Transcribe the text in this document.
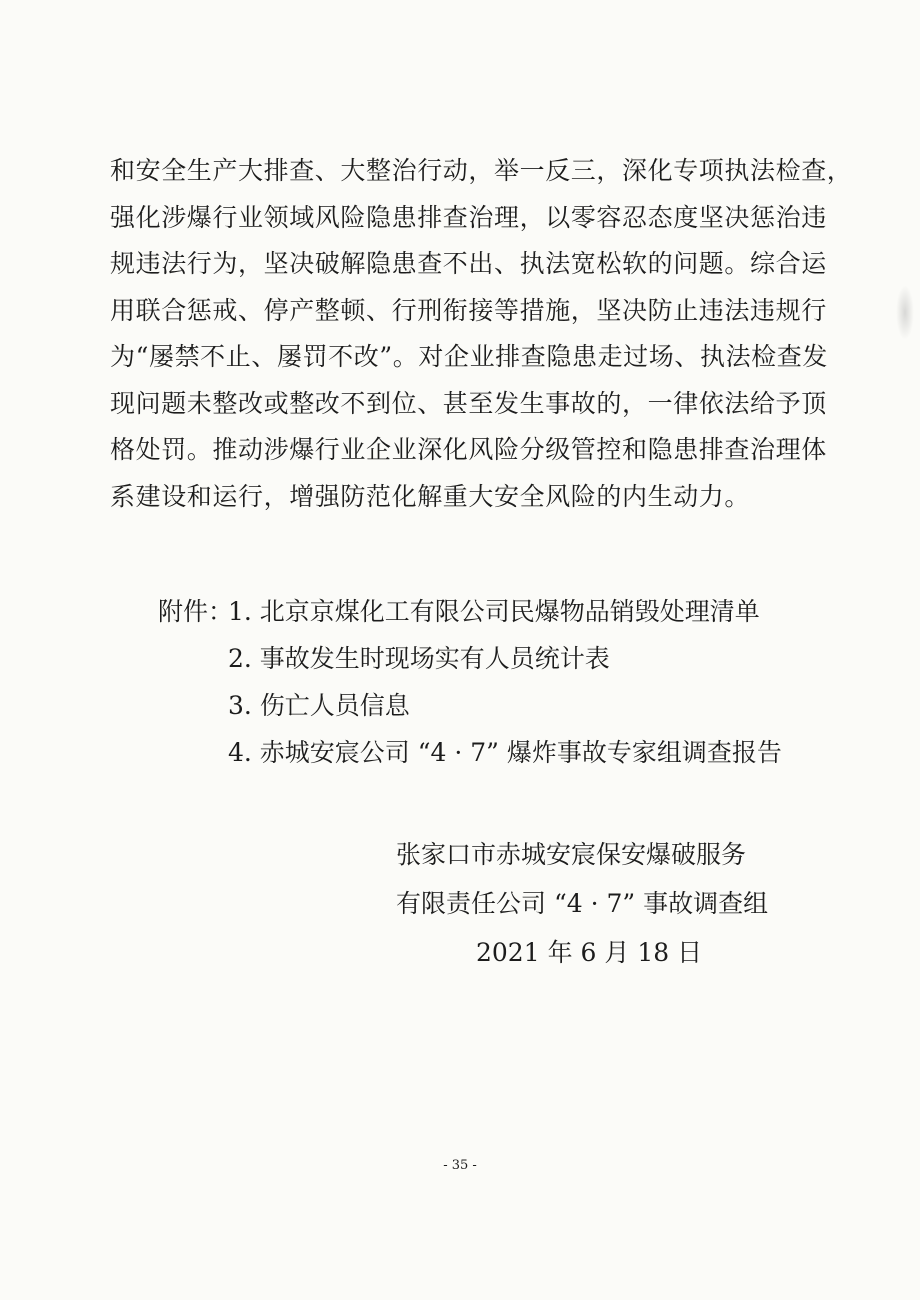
和安全生产大排查、大整治行动，举一反三，深化专项执法检查，
强化涉爆行业领域风险隐患排查治理，以零容忍态度坚决惩治违
规违法行为，坚决破解隐患查不出、执法宽松软的问题。综合运
用联合惩戒、停产整顿、行刑衔接等措施，坚决防止违法违规行
为“屡禁不止、屡罚不改”。对企业排查隐患走过场、执法检查发
现问题未整改或整改不到位、甚至发生事故的，一律依法给予顶
格处罚。推动涉爆行业企业深化风险分级管控和隐患排查治理体
系建设和运行，增强防范化解重大安全风险的内生动力。
附件：1. 北京京煤化工有限公司民爆物品销毁处理清单
2. 事故发生时现场实有人员统计表
3. 伤亡人员信息
4. 赤城安宸公司 “4 · 7” 爆炸事故专家组调查报告
张家口市赤城安宸保安爆破服务
有限责任公司 “4 · 7” 事故调查组
2021 年 6 月 18 日
- 35 -
